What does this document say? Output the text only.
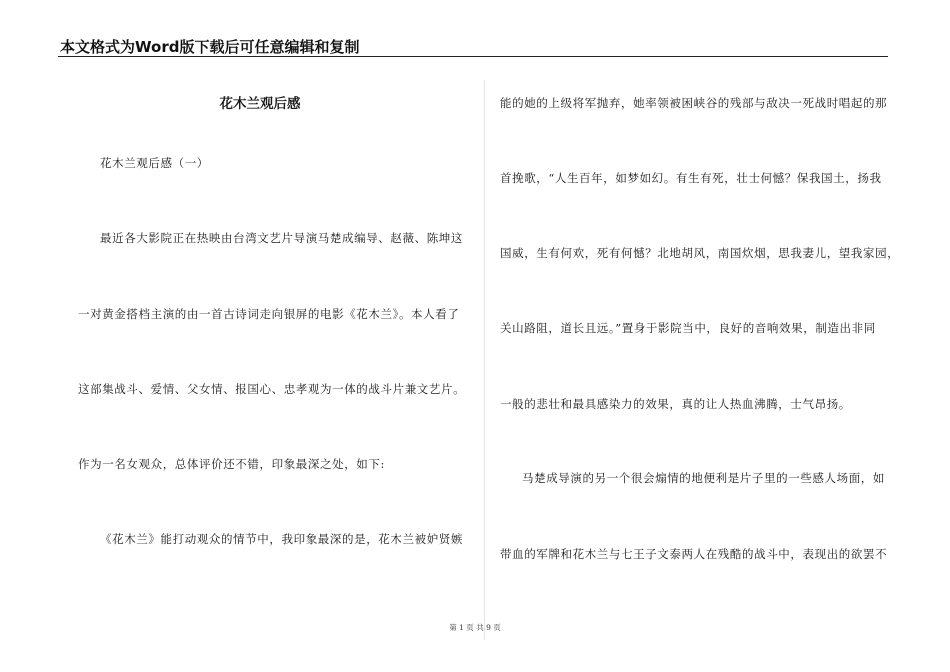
本文格式为Word版下载后可任意编辑和复制
花木兰观后感
花木兰观后感（一）
最近各大影院正在热映由台湾文艺片导演马楚成编导、赵薇、陈坤这
一对黄金搭档主演的由一首古诗词走向银屏的电影《花木兰》。本人看了
这部集战斗、爱情、父女情、报国心、忠孝观为一体的战斗片兼文艺片。
作为一名女观众，总体评价还不错，印象最深之处，如下:
《花木兰》能打动观众的情节中，我印象最深的是，花木兰被妒贤嫉
能的她的上级将军抛弃，她率领被困峡谷的残部与敌决一死战时唱起的那
首挽歌，“人生百年，如梦如幻。有生有死，壮士何憾？保我国土，扬我
国威，生有何欢，死有何憾？北地胡风，南国炊烟，思我妻儿，望我家园，
关山路阻，道长且远。”置身于影院当中，良好的音响效果，制造出非同
一般的悲壮和最具感染力的效果，真的让人热血沸腾，士气昂扬。
马楚成导演的另一个很会煽情的地便利是片子里的一些感人场面，如
带血的军牌和花木兰与七王子文泰两人在残酷的战斗中，表现出的欲罢不
第 1 页 共 9 页
